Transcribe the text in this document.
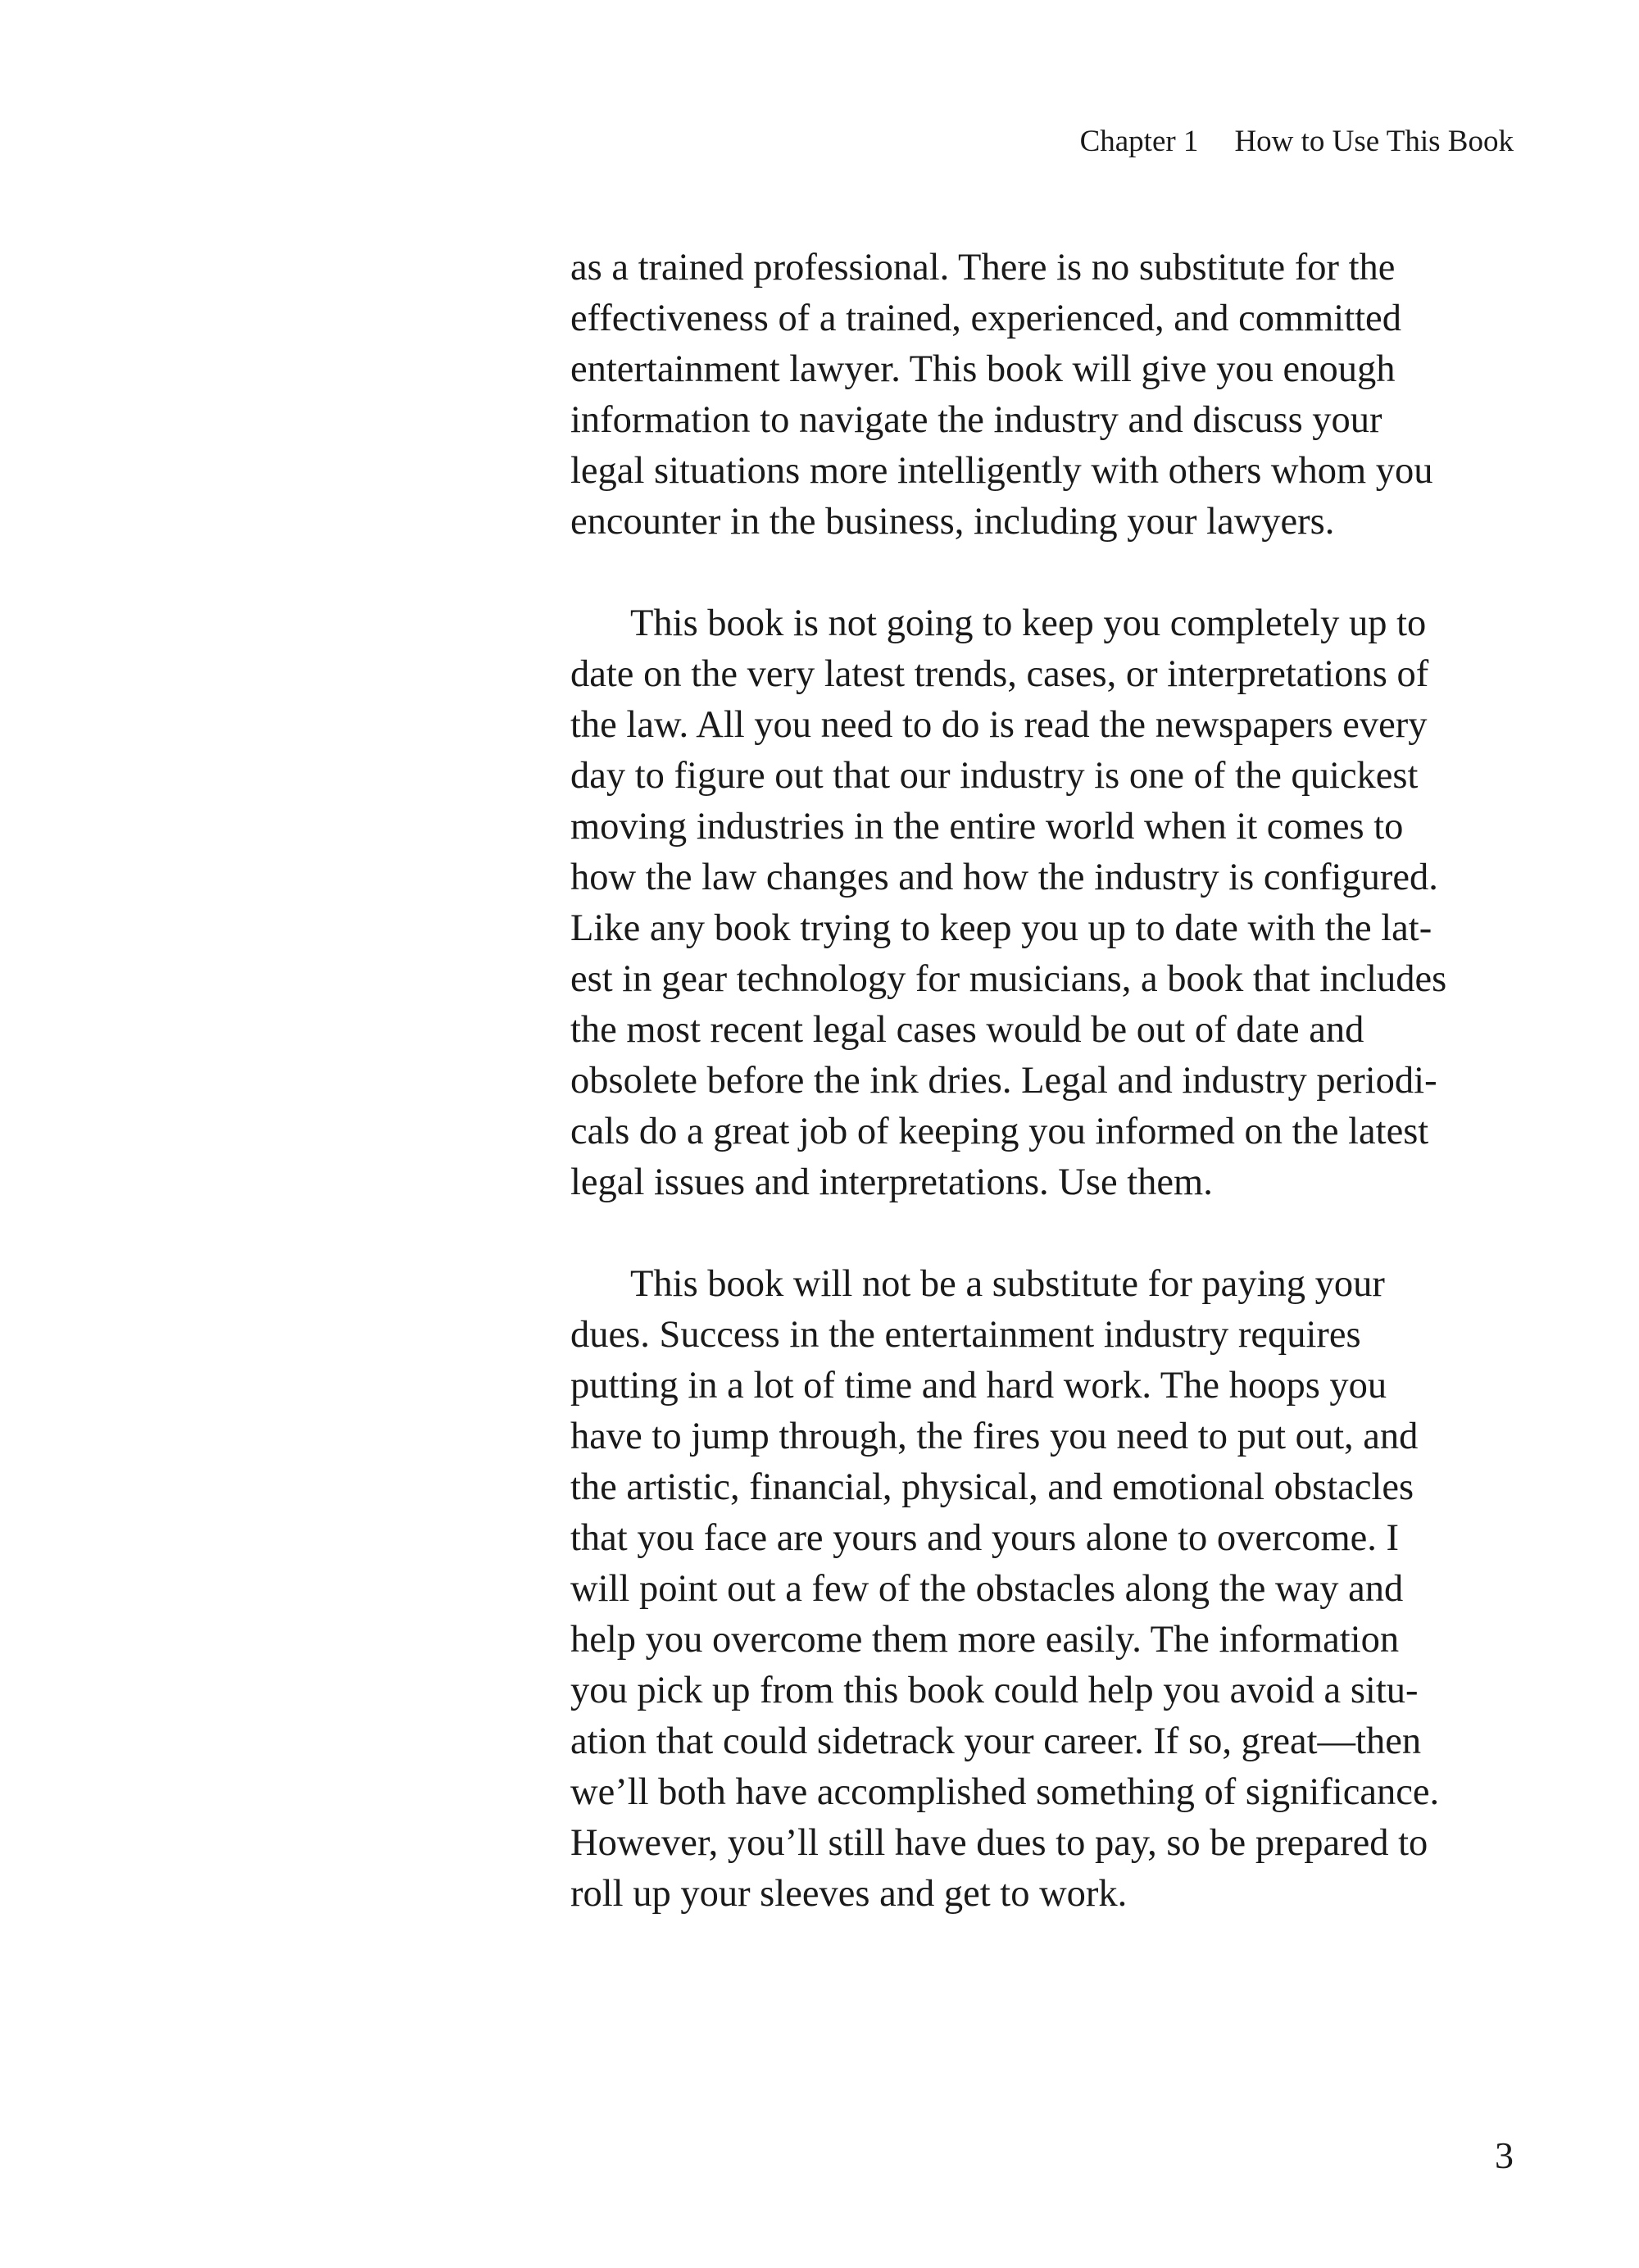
Chapter 1 How to Use This Book

as a trained professional. There is no substitute for the
effectiveness of a trained, experienced, and committed
entertainment lawyer. This book will give you enough
information to navigate the industry and discuss your
legal situations more intelligently with others whom you
encounter in the business, including your lawyers.

This book is not going to keep you completely up to
date on the very latest trends, cases, or interpretations of
the law. All you need to do is read the newspapers every
day to figure out that our industry is one of the quickest
moving industries in the entire world when it comes to
how the law changes and how the industry is configured.
Like any book trying to keep you up to date with the lat-
est in gear technology for musicians, a book that includes
the most recent legal cases would be out of date and
obsolete before the ink dries. Legal and industry periodi-
cals do a great job of keeping you informed on the latest
legal issues and interpretations. Use them.

This book will not be a substitute for paying your
dues. Success in the entertainment industry requires
putting in a lot of time and hard work. The hoops you
have to jump through, the fires you need to put out, and
the artistic, financial, physical, and emotional obstacles
that you face are yours and yours alone to overcome. I
will point out a few of the obstacles along the way and
help you overcome them more easily. The information
you pick up from this book could help you avoid a situ-
ation that could sidetrack your career. If so, great—then
we’ll both have accomplished something of significance.
However, you’ll still have dues to pay, so be prepared to
roll up your sleeves and get to work.

3
